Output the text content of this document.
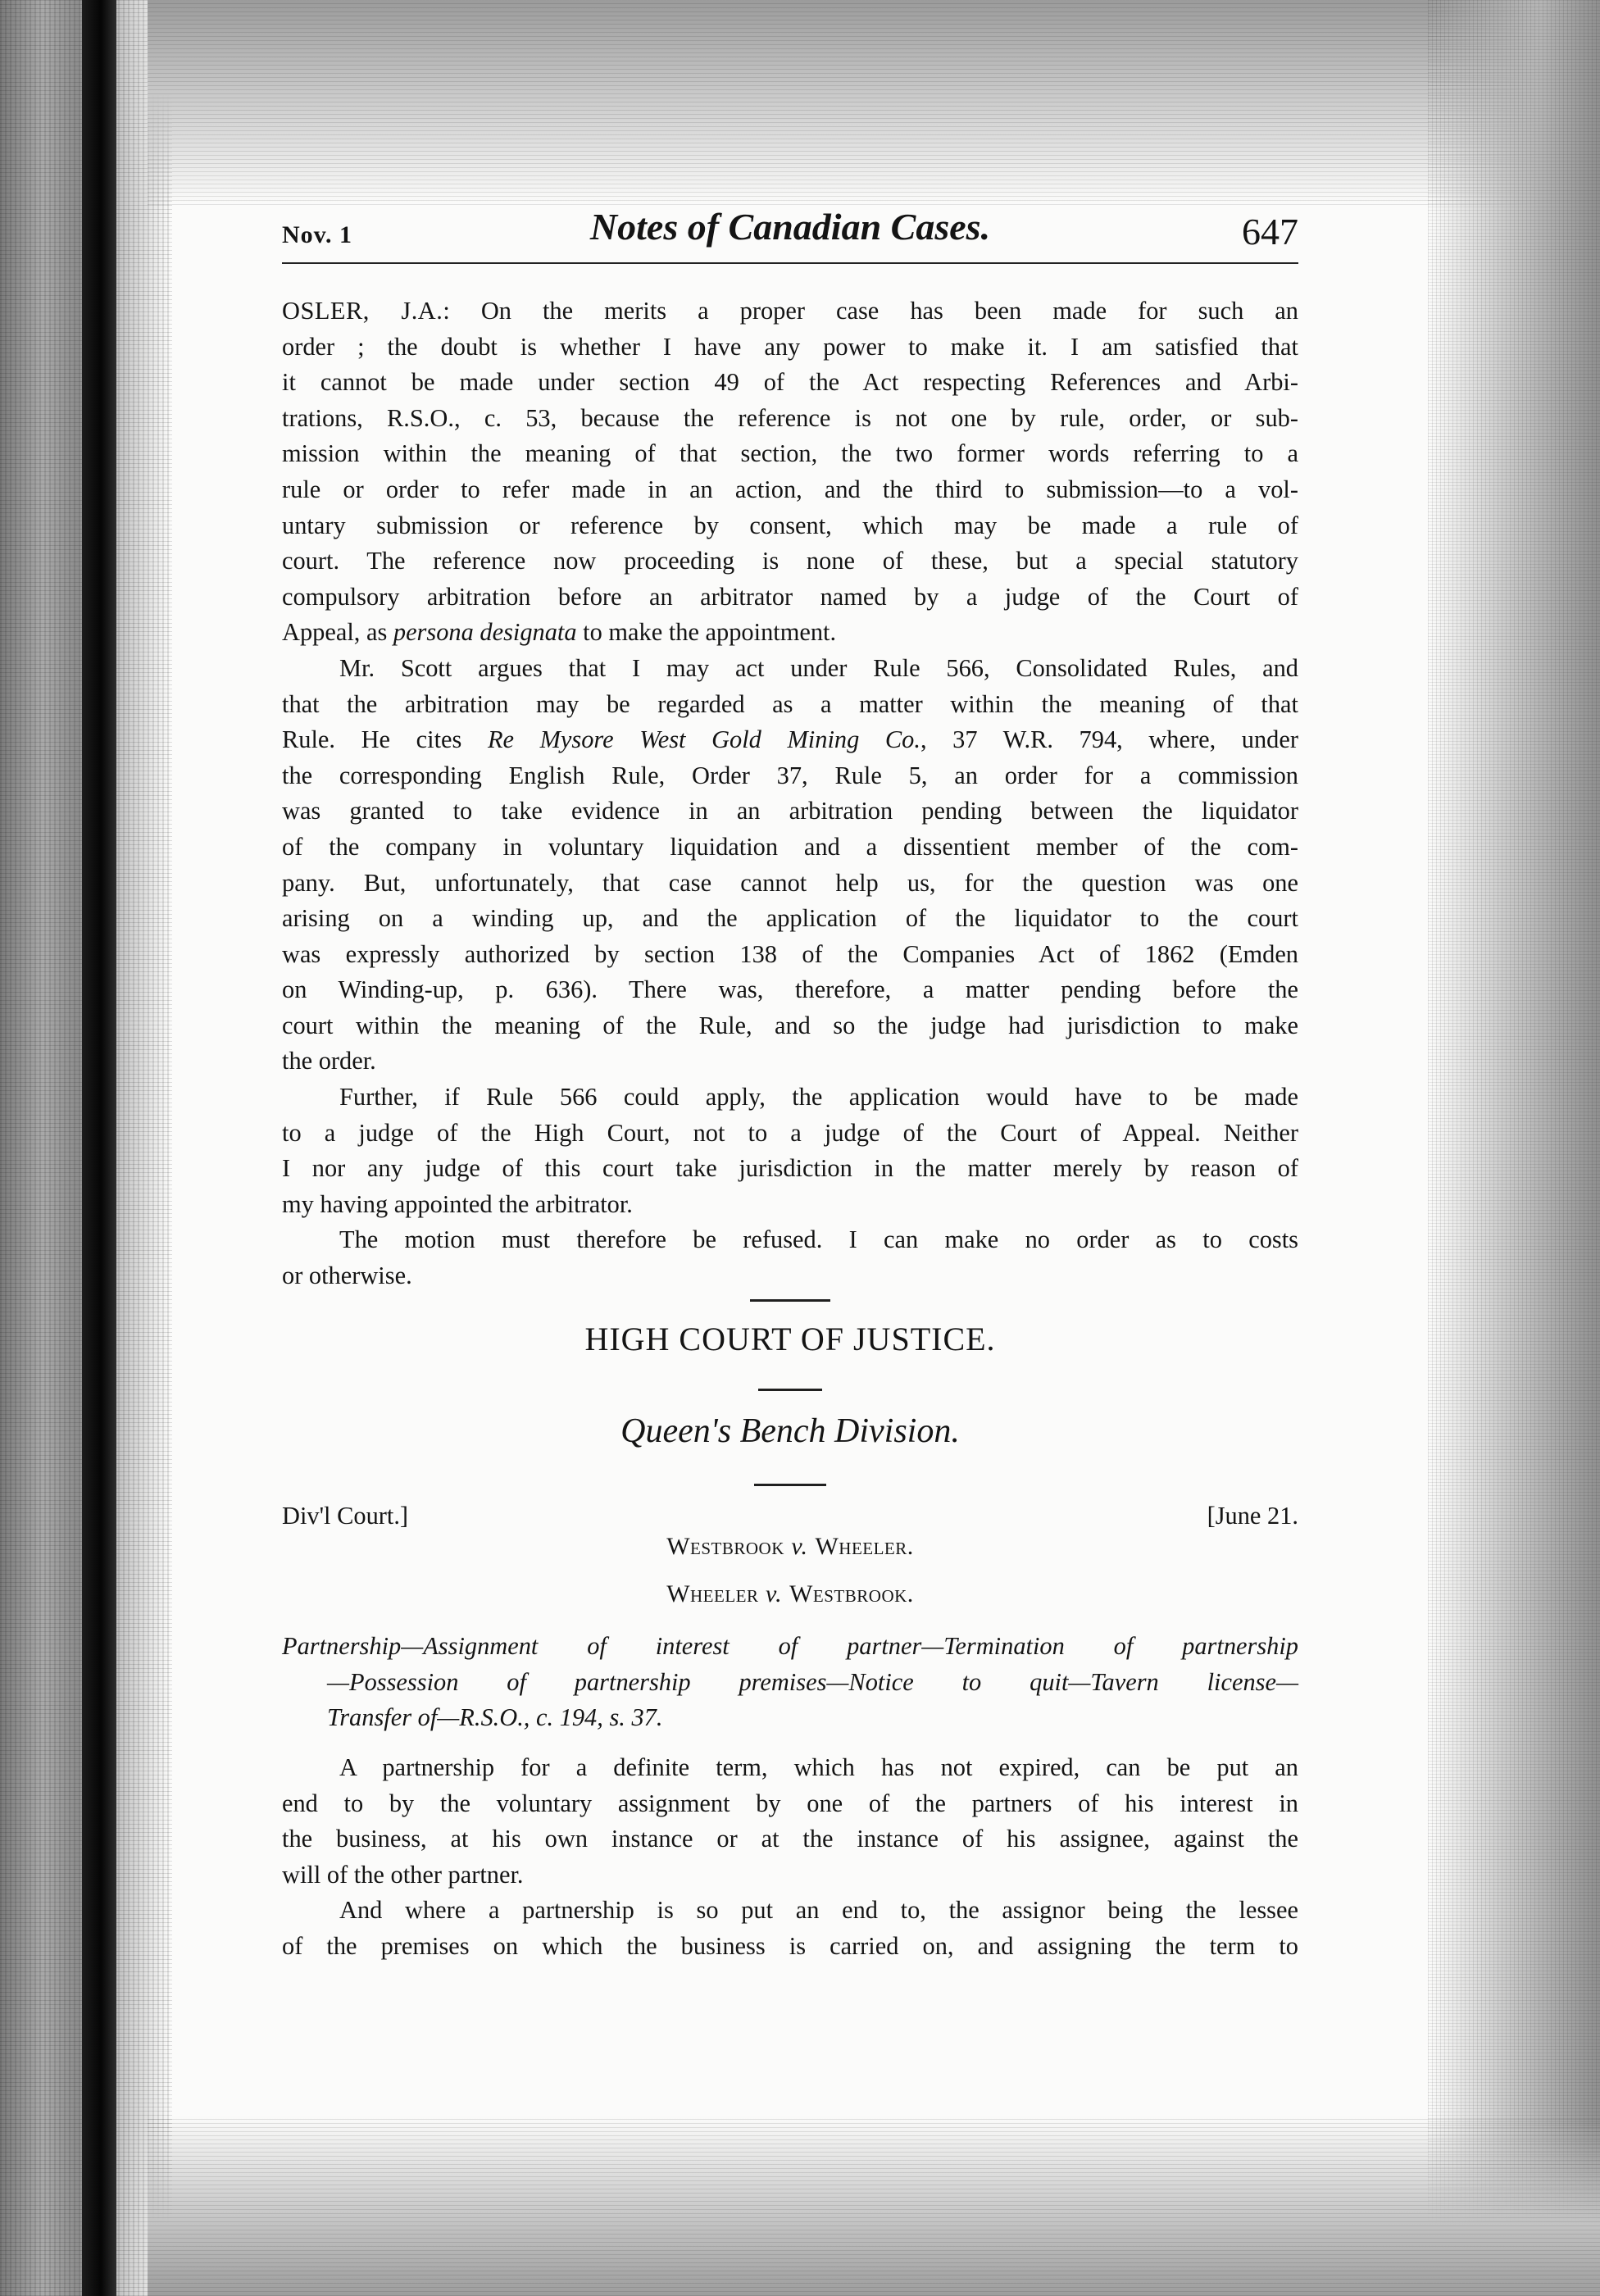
Nov. 1	Notes of Canadian Cases.	647
OSLER, J.A.: On the merits a proper case has been made for such an
order ; the doubt is whether I have any power to make it. I am satisfied that
it cannot be made under section 49 of the Act respecting References and Arbi-
trations, R.S.O., c. 53, because the reference is not one by rule, order, or sub-
mission within the meaning of that section, the two former words referring to a
rule or order to refer made in an action, and the third to submission—to a vol-
untary submission or reference by consent, which may be made a rule of
court. The reference now proceeding is none of these, but a special statutory
compulsory arbitration before an arbitrator named by a judge of the Court of
Appeal, as persona designata to make the appointment.
Mr. Scott argues that I may act under Rule 566, Consolidated Rules, and
that the arbitration may be regarded as a matter within the meaning of that
Rule. He cites Re Mysore West Gold Mining Co., 37 W.R. 794, where, under
the corresponding English Rule, Order 37, Rule 5, an order for a commission
was granted to take evidence in an arbitration pending between the liquidator
of the company in voluntary liquidation and a dissentient member of the com-
pany. But, unfortunately, that case cannot help us, for the question was one
arising on a winding up, and the application of the liquidator to the court
was expressly authorized by section 138 of the Companies Act of 1862 (Emden
on Winding-up, p. 636). There was, therefore, a matter pending before the
court within the meaning of the Rule, and so the judge had jurisdiction to make
the order.
Further, if Rule 566 could apply, the application would have to be made
to a judge of the High Court, not to a judge of the Court of Appeal. Neither
I nor any judge of this court take jurisdiction in the matter merely by reason of
my having appointed the arbitrator.
The motion must therefore be refused. I can make no order as to costs
or otherwise.
HIGH COURT OF JUSTICE.
Queen's Bench Division.
Div'l Court.]	[June 21.
Westbrook v. Wheeler.
Wheeler v. Westbrook.
Partnership—Assignment of interest of partner—Termination of partnership
—Possession of partnership premises—Notice to quit—Tavern license—
Transfer of—R.S.O., c. 194, s. 37.
A partnership for a definite term, which has not expired, can be put an
end to by the voluntary assignment by one of the partners of his interest in
the business, at his own instance or at the instance of his assignee, against the
will of the other partner.
And where a partnership is so put an end to, the assignor being the lessee
of the premises on which the business is carried on, and assigning the term to
